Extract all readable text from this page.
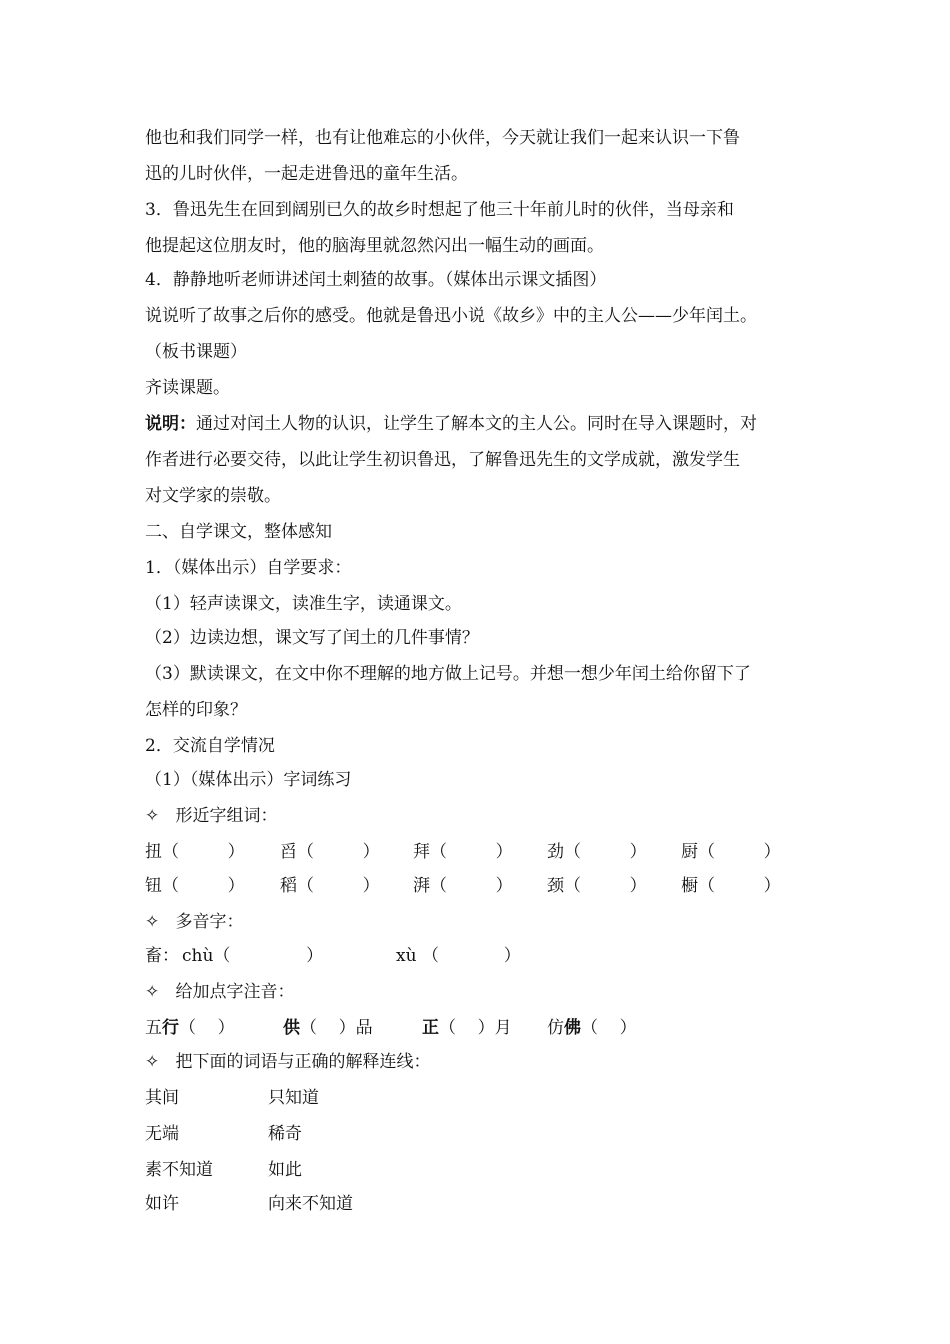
他也和我们同学一样，也有让他难忘的小伙伴，今天就让我们一起来认识一下鲁
迅的儿时伙伴，一起走进鲁迅的童年生活。
3．鲁迅先生在回到阔别已久的故乡时想起了他三十年前儿时的伙伴，当母亲和
他提起这位朋友时，他的脑海里就忽然闪出一幅生动的画面。
4．静静地听老师讲述闰土刺猹的故事。（媒体出示课文插图）
说说听了故事之后你的感受。他就是鲁迅小说《故乡》中的主人公——少年闰土。
（板书课题）
齐读课题。
说明：通过对闰土人物的认识，让学生了解本文的主人公。同时在导入课题时，对
作者进行必要交待，以此让学生初识鲁迅，了解鲁迅先生的文学成就，激发学生
对文学家的崇敬。
二、自学课文，整体感知
1．（媒体出示）自学要求：
（1）轻声读课文，读准生字，读通课文。
（2）边读边想，课文写了闰土的几件事情？
（3）默读课文，在文中你不理解的地方做上记号。并想一想少年闰土给你留下了
怎样的印象？
2．交流自学情况
（1）（媒体出示）字词练习
✧   形近字组词：
扭（         ） 舀（         ） 拜（         ） 劲（         ） 厨（         ）
钮（         ） 稻（         ） 湃（         ） 颈（         ） 橱（         ）
✧   多音字：
畜： chù（              ）	xù （            ）
✧   给加点字注音：
五行（    ）	供（    ）品	正（    ）月 仿佛（    ）
✧   把下面的词语与正确的解释连线：
其间	只知道
无端	稀奇
素不知道	如此
如许	向来不知道
